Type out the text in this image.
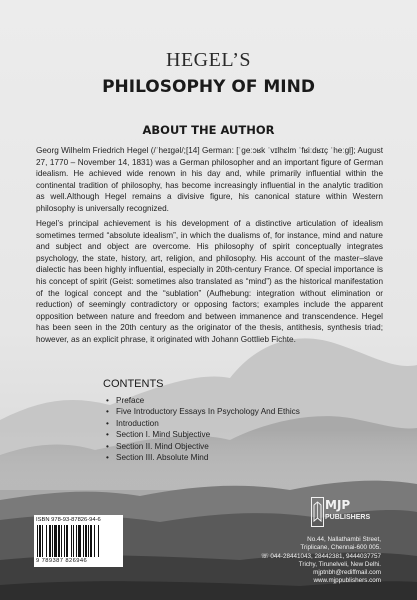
HEGEL’S
PHILOSOPHY OF MIND
ABOUT THE AUTHOR
Georg Wilhelm Friedrich Hegel (/ˈheɪɡəl/;[14] German: [ˈɡeːɔʁk ˈvɪlhɛlm ˈfʁiːdʁɪç ˈheːɡl̩]; August 27, 1770 – November 14, 1831) was a German philosopher and an important figure of German idealism. He achieved wide renown in his day and, while primarily influential within the continental tradition of philosophy, has become increasingly influential in the analytic tradition as well.Although Hegel remains a divisive figure, his canonical stature within Western philosophy is universally recognized.
Hegel’s principal achievement is his development of a distinctive articulation of idealism sometimes termed “absolute idealism”, in which the dualisms of, for instance, mind and nature and subject and object are overcome. His philosophy of spirit conceptually integrates psychology, the state, history, art, religion, and philosophy. His account of the master–slave dialectic has been highly influential, especially in 20th-century France. Of special importance is his concept of spirit (Geist: sometimes also translated as “mind”) as the historical manifestation of the logical concept and the “sublation” (Aufhebung: integration without elimination or reduction) of seemingly contradictory or opposing factors; examples include the apparent opposition between nature and freedom and between immanence and transcendence. Hegel has been seen in the 20th century as the originator of the thesis, antithesis, synthesis triad; however, as an explicit phrase, it originated with Johann Gottlieb Fichte.
CONTENTS
• Preface
• Five Introductory Essays In Psychology And Ethics
• Introduction
• Section I. Mind Subjective
• Section II. Mind Objective
• Section III. Absolute Mind
ISBN 978-93-87826-94-6
9 789387 826946
MJP
PUBLISHERS
No.44, Nallathambi Street,
Triplicane, Chennai-600 005.
☏ 044-28441043, 28442381, 9444037757
Trichy, Tirunelveli, New Delhi.
mjptnbh@rediffmail.com
www.mjppublishers.com
